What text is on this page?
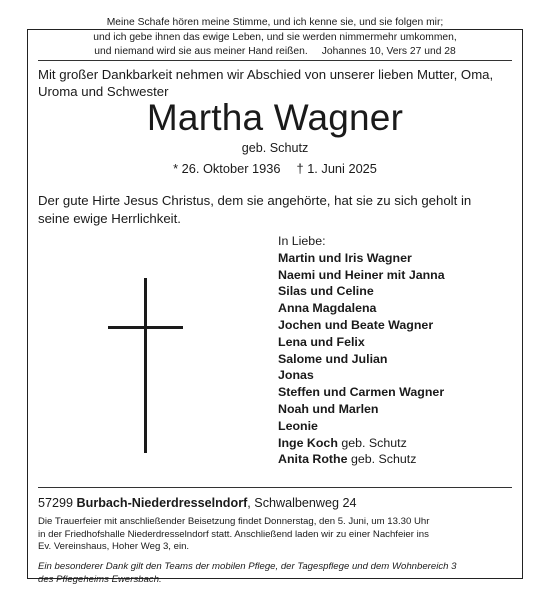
Meine Schafe hören meine Stimme, und ich kenne sie, und sie folgen mir;
und ich gebe ihnen das ewige Leben, und sie werden nimmermehr umkommen,
und niemand wird sie aus meiner Hand reißen. Johannes 10, Vers 27 und 28
Mit großer Dankbarkeit nehmen wir Abschied von unserer lieben Mutter, Oma,
Uroma und Schwester
Martha Wagner
geb. Schutz
* 26. Oktober 1936 † 1. Juni 2025
Der gute Hirte Jesus Christus, dem sie angehörte, hat sie zu sich geholt in
seine ewige Herrlichkeit.
In Liebe:
Martin und Iris Wagner
Naemi und Heiner mit Janna
Silas und Celine
Anna Magdalena
Jochen und Beate Wagner
Lena und Felix
Salome und Julian
Jonas
Steffen und Carmen Wagner
Noah und Marlen
Leonie
Inge Koch geb. Schutz
Anita Rothe geb. Schutz
57299 Burbach-Niederdresselndorf, Schwalbenweg 24
Die Trauerfeier mit anschließender Beisetzung findet Donnerstag, den 5. Juni, um 13.30 Uhr
in der Friedhofshalle Niederdresselndorf statt. Anschließend laden wir zu einer Nachfeier ins
Ev. Vereinshaus, Hoher Weg 3, ein.
Ein besonderer Dank gilt den Teams der mobilen Pflege, der Tagespflege und dem Wohnbereich 3
des Pflegeheims Ewersbach.
